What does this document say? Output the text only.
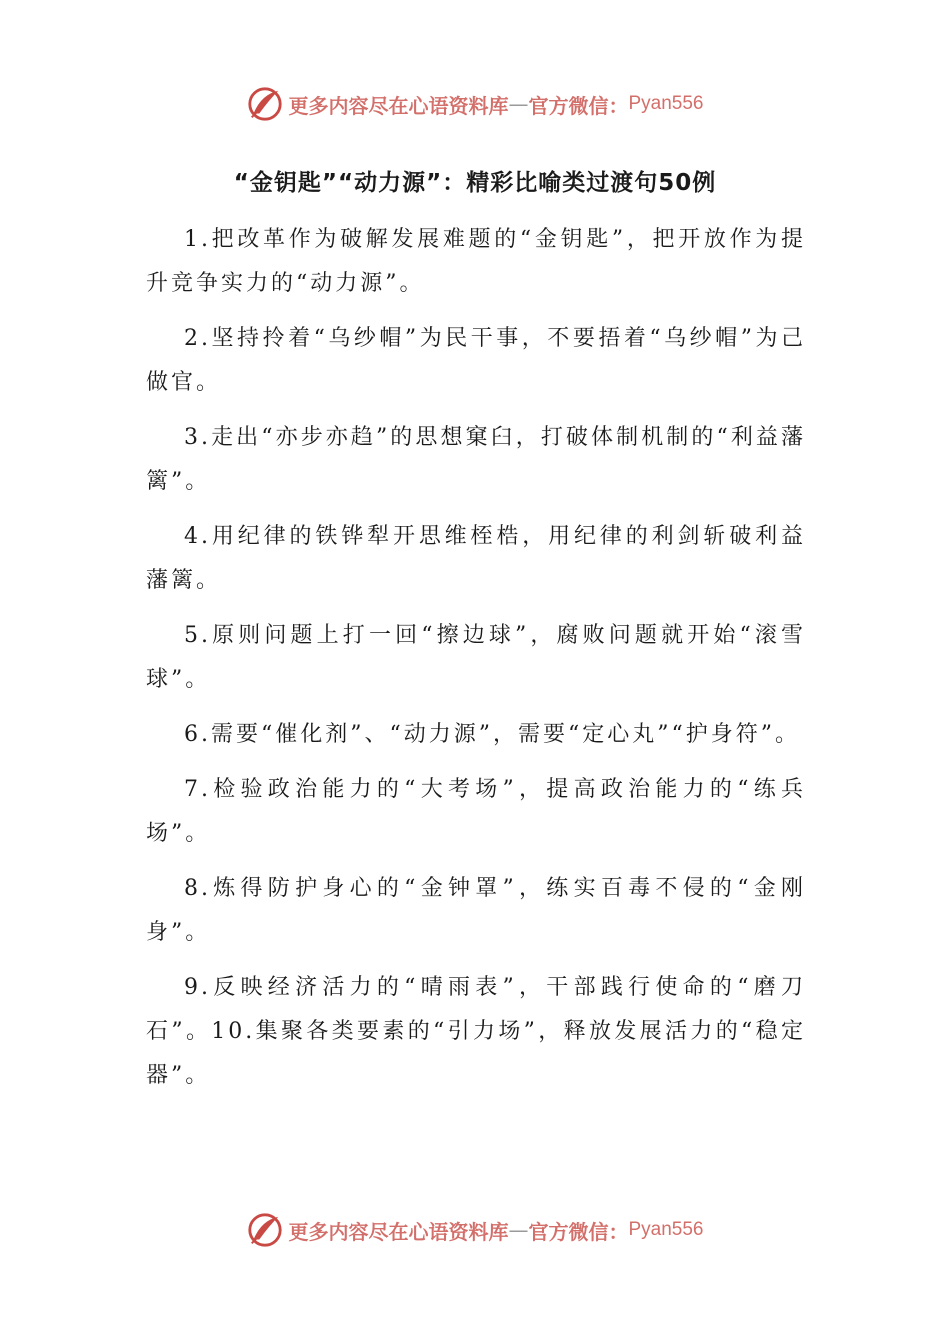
更多内容尽在心语资料库 — 官方微信： Pyan556
“金钥匙”“动力源”：精彩比喻类过渡句50例

1.把改革作为破解发展难题的“金钥匙”，把开放作为提升竞争实力的“动力源”。

2.坚持拎着“乌纱帽”为民干事，不要捂着“乌纱帽”为己做官。

3.走出“亦步亦趋”的思想窠臼，打破体制机制的“利益藩篱”。

4.用纪律的铁铧犁开思维桎梏，用纪律的利剑斩破利益藩篱。

5.原则问题上打一回“擦边球”，腐败问题就开始“滚雪球”。

6.需要“催化剂”、“动力源”，需要“定心丸”“护身符”。

7.检验政治能力的“大考场”，提高政治能力的“练兵场”。

8.炼得防护身心的“金钟罩”，练实百毒不侵的“金刚身”。

9.反映经济活力的“晴雨表”，干部践行使命的“磨刀石”。10.集聚各类要素的“引力场”，释放发展活力的“稳定器”。

更多内容尽在心语资料库 — 官方微信： Pyan556
